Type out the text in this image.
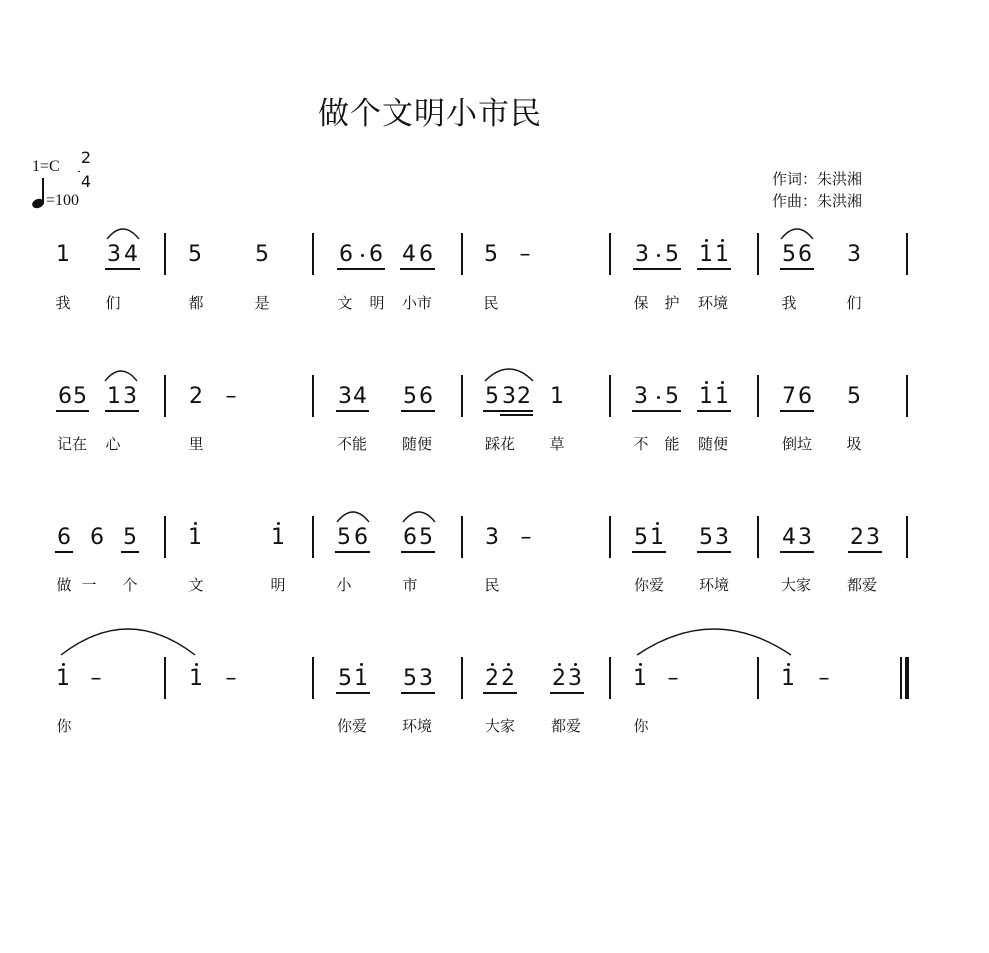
做个文明小市民
1=C 2
4
=100
作词：朱洪湘
作曲：朱洪湘
1 3 4 5 5	6 6 4 6 5 –	3 5 1 1 5 6 3
我 们	都	是	文 明 小市	民	保 护 环境	我	们
6 5 1 3 2 –	3 4 5 6 5 3 2 1	3 5 1 1 7 6 5
记在 心	里	不能 随便	踩花 草	不 能 随便	倒垃 圾
6 6 5 1	1 5 6 6 5 3 –	5 1 5 3 4 3 2 3
做 一 个	文	明	小	市	民	你爱 环境	大家 都爱
1 –	1 –	5 1 5 3 2 2 2 3 1 –	1 –
你	你爱 环境	大家 都爱	你
